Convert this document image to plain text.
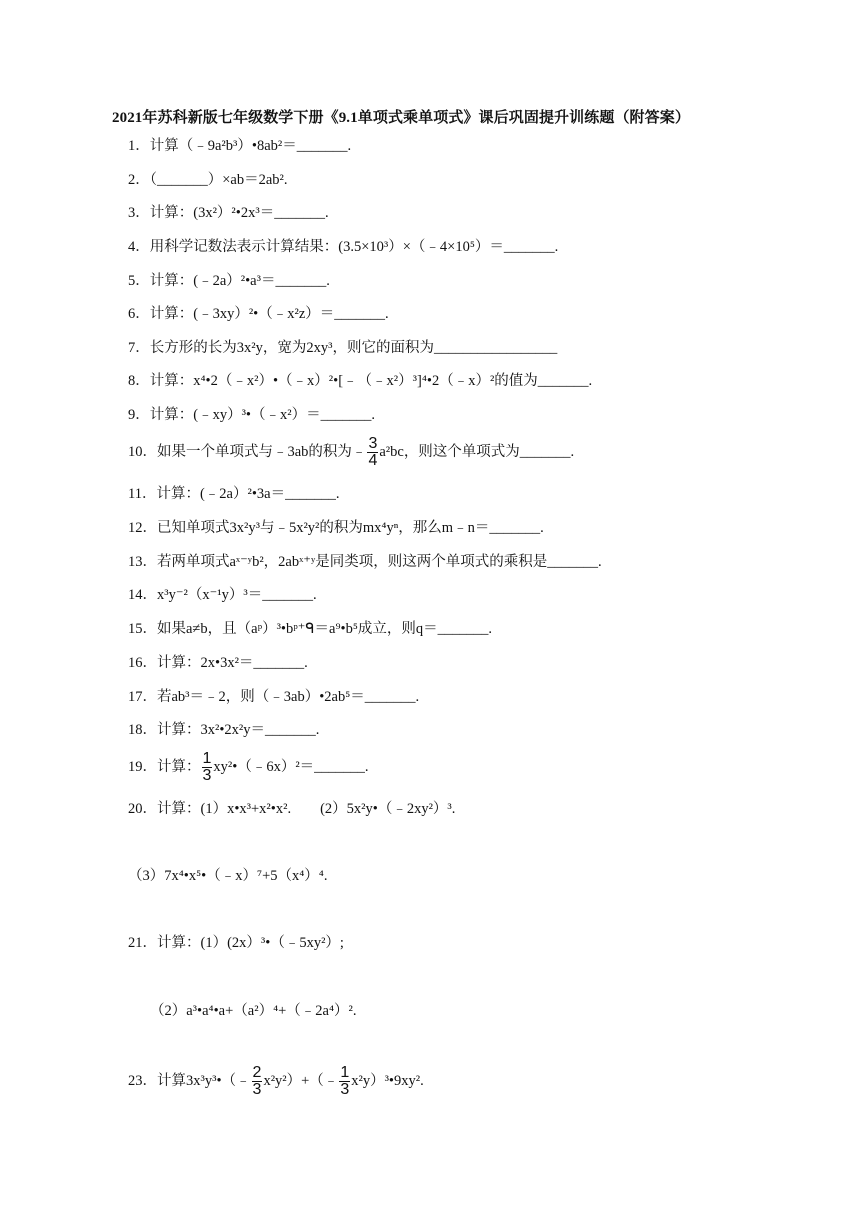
2021年苏科新版七年级数学下册《9.1单项式乘单项式》课后巩固提升训练题（附答案）
1．计算（﹣9a²b³）•8ab²＝_______.
2．（_______）×ab＝2ab².
3．计算：(3x²）²•2x³＝_______.
4．用科学记数法表示计算结果：(3.5×10³）×（﹣4×10⁵）＝_______.
5．计算：(﹣2a）²•a³＝_______.
6．计算：(﹣3xy）²•（﹣x²z）＝_______.
7．长方形的长为3x²y，宽为2xy³，则它的面积为_________________
8．计算：x⁴•2（﹣x²）•（﹣x）²•[﹣（﹣x²）³]⁴•2（﹣x）²的值为_______.
9．计算：(﹣xy）³•（﹣x²）＝_______.
10．如果一个单项式与﹣3ab的积为﹣ $\frac{3}{4} a^2bc$，则这个单项式为_______.
11．计算：(﹣2a）²•3a＝_______.
12．已知单项式3x²y³与﹣5x²y²的积为mx⁴yⁿ，那么m﹣n＝_______.
13．若两单项式aˣ⁻ʸb²，2abˣ⁺ʸ是同类项，则这两个单项式的乘积是_______.
14．x³y⁻²（x⁻¹y）³＝_______.
15．如果a≠b，且（aᵖ）³•bᵖ⁺ᑫ＝a⁹•b⁵成立，则q＝_______.
16．计算：2x•3x²＝_______.
17．若ab³＝﹣2，则（﹣3ab）•2ab⁵＝_______.
18．计算：3x²•2x²y＝_______.
19．计算： $\frac{1}{3}$ xy²•（﹣6x）²＝_______.
20．计算：(1）x•x³+x²•x².　　(2）5x²y•（﹣2xy²）³.
（3）7x⁴•x⁵•（﹣x）⁷+5（x⁴）⁴.
21．计算：(1）(2x）³•（﹣5xy²）;
（2）a³•a⁴•a+（a²）⁴+（﹣2a⁴）².
23．计算3x³y³•（﹣ $\frac{2}{3}$ x²y²）+（﹣ $\frac{1}{3}$ x²y）³•9xy².
